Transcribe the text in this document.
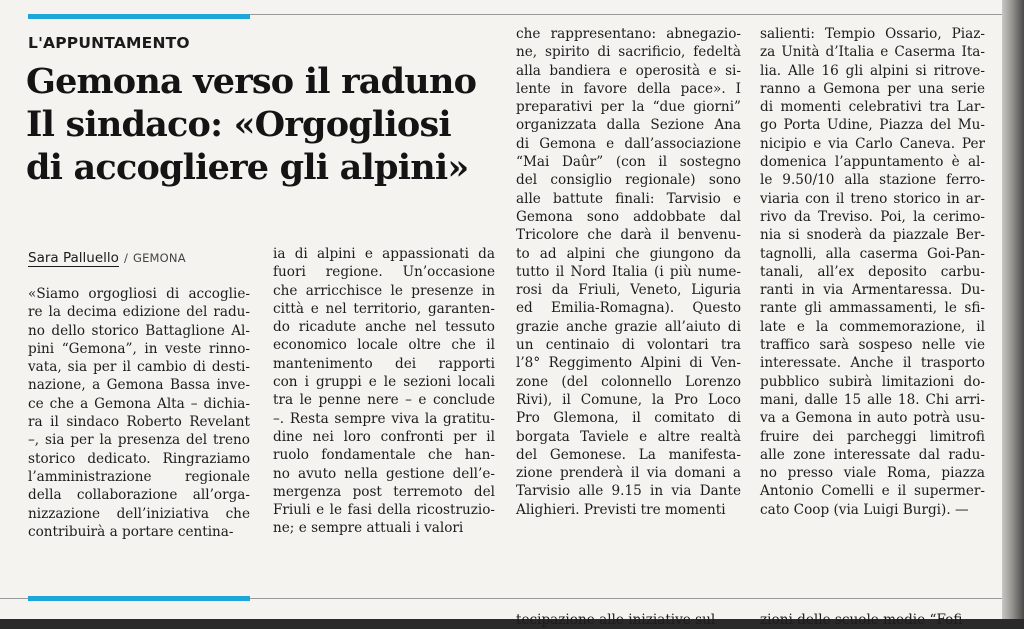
L'APPUNTAMENTO
Gemona verso il raduno
Il sindaco: «Orgogliosi
di accogliere gli alpini»
Sara Palluello / GEMONA
«Siamo orgogliosi di accoglie-
re la decima edizione del radu-
no dello storico Battaglione Al-
pini “Gemona”, in veste rinno-
vata, sia per il cambio di desti-
nazione, a Gemona Bassa inve-
ce che a Gemona Alta – dichia-
ra il sindaco Roberto Revelant
–, sia per la presenza del treno
storico dedicato. Ringraziamo
l’amministrazione regionale
della collaborazione all’orga-
nizzazione dell’iniziativa che
contribuirà a portare centina-
ia di alpini e appassionati da
fuori regione. Un’occasione
che arricchisce le presenze in
città e nel territorio, garanten-
do ricadute anche nel tessuto
economico locale oltre che il
mantenimento dei rapporti
con i gruppi e le sezioni locali
tra le penne nere – e conclude
–. Resta sempre viva la gratitu-
dine nei loro confronti per il
ruolo fondamentale che han-
no avuto nella gestione dell’e-
mergenza post terremoto del
Friuli e le fasi della ricostruzio-
ne; e sempre attuali i valori
che rappresentano: abnegazio-
ne, spirito di sacrificio, fedeltà
alla bandiera e operosità e si-
lente in favore della pace». I
preparativi per la “due giorni”
organizzata dalla Sezione Ana
di Gemona e dall’associazione
“Mai Daûr” (con il sostegno
del consiglio regionale) sono
alle battute finali: Tarvisio e
Gemona sono addobbate dal
Tricolore che darà il benvenu-
to ad alpini che giungono da
tutto il Nord Italia (i più nume-
rosi da Friuli, Veneto, Liguria
ed Emilia-Romagna). Questo
grazie anche grazie all’aiuto di
un centinaio di volontari tra
l’8° Reggimento Alpini di Ven-
zone (del colonnello Lorenzo
Rivi), il Comune, la Pro Loco
Pro Glemona, il comitato di
borgata Taviele e altre realtà
del Gemonese. La manifesta-
zione prenderà il via domani a
Tarvisio alle 9.15 in via Dante
Alighieri. Previsti tre momenti
salienti: Tempio Ossario, Piaz-
za Unità d’Italia e Caserma Ita-
lia. Alle 16 gli alpini si ritrove-
ranno a Gemona per una serie
di momenti celebrativi tra Lar-
go Porta Udine, Piazza del Mu-
nicipio e via Carlo Caneva. Per
domenica l’appuntamento è al-
le 9.50/10 alla stazione ferro-
viaria con il treno storico in ar-
rivo da Treviso. Poi, la cerimo-
nia si snoderà da piazzale Ber-
tagnolli, alla caserma Goi-Pan-
tanali, all’ex deposito carbu-
ranti in via Armentaressa. Du-
rante gli ammassamenti, le sfi-
late e la commemorazione, il
traffico sarà sospeso nelle vie
interessate. Anche il trasporto
pubblico subirà limitazioni do-
mani, dalle 15 alle 18. Chi arri-
va a Gemona in auto potrà usu-
fruire dei parcheggi limitrofi
alle zone interessate dal radu-
no presso viale Roma, piazza
Antonio Comelli e il supermer-
cato Coop (via Luigi Burgi). —
tecipazione alle iniziative sul	zioni delle scuole medie “Fofi
